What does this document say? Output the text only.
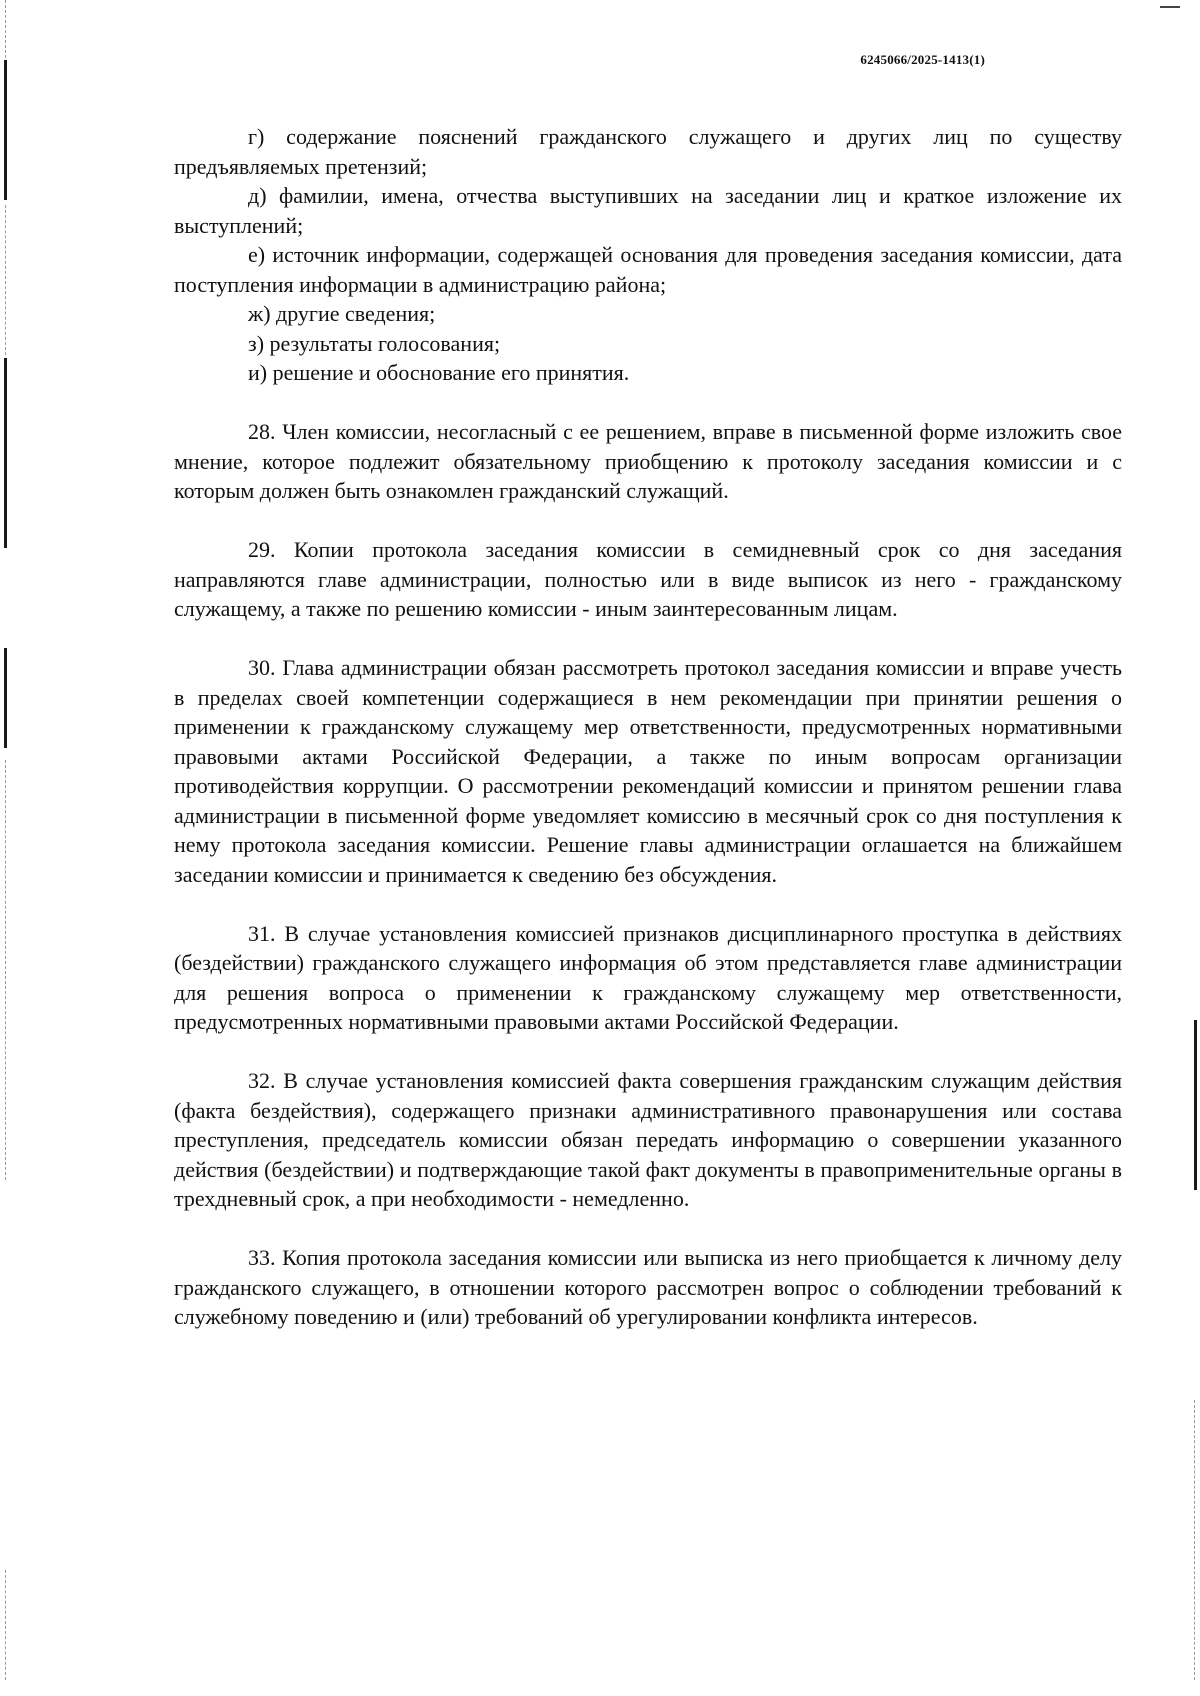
6245066/2025-1413(1)

г) содержание пояснений гражданского служащего и других лиц по существу предъявляемых претензий;

д) фамилии, имена, отчества выступивших на заседании лиц и краткое изложение их выступлений;

е) источник информации, содержащей основания для проведения заседания комиссии, дата поступления информации в администрацию района;

ж) другие сведения;

з) результаты голосования;

и) решение и обоснование его принятия.

28. Член комиссии, несогласный с ее решением, вправе в письменной форме изложить свое мнение, которое подлежит обязательному приобщению к протоколу заседания комиссии и с которым должен быть ознакомлен гражданский служащий.

29. Копии протокола заседания комиссии в семидневный срок со дня заседания направляются главе администрации, полностью или в виде выписок из него - гражданскому служащему, а также по решению комиссии - иным заинтересованным лицам.

30. Глава администрации обязан рассмотреть протокол заседания комиссии и вправе учесть в пределах своей компетенции содержащиеся в нем рекомендации при принятии решения о применении к гражданскому служащему мер ответственности, предусмотренных нормативными правовыми актами Российской Федерации, а также по иным вопросам организации противодействия коррупции. О рассмотрении рекомендаций комиссии и принятом решении глава администрации в письменной форме уведомляет комиссию в месячный срок со дня поступления к нему протокола заседания комиссии. Решение главы администрации оглашается на ближайшем заседании комиссии и принимается к сведению без обсуждения.

31. В случае установления комиссией признаков дисциплинарного проступка в действиях (бездействии) гражданского служащего информация об этом представляется главе администрации для решения вопроса о применении к гражданскому служащему мер ответственности, предусмотренных нормативными правовыми актами Российской Федерации.

32. В случае установления комиссией факта совершения гражданским служащим действия (факта бездействия), содержащего признаки административного правонарушения или состава преступления, председатель комиссии обязан передать информацию о совершении указанного действия (бездействии) и подтверждающие такой факт документы в правоприменительные органы в трехдневный срок, а при необходимости - немедленно.

33. Копия протокола заседания комиссии или выписка из него приобщается к личному делу гражданского служащего, в отношении которого рассмотрен вопрос о соблюдении требований к служебному поведению и (или) требований об урегулировании конфликта интересов.
